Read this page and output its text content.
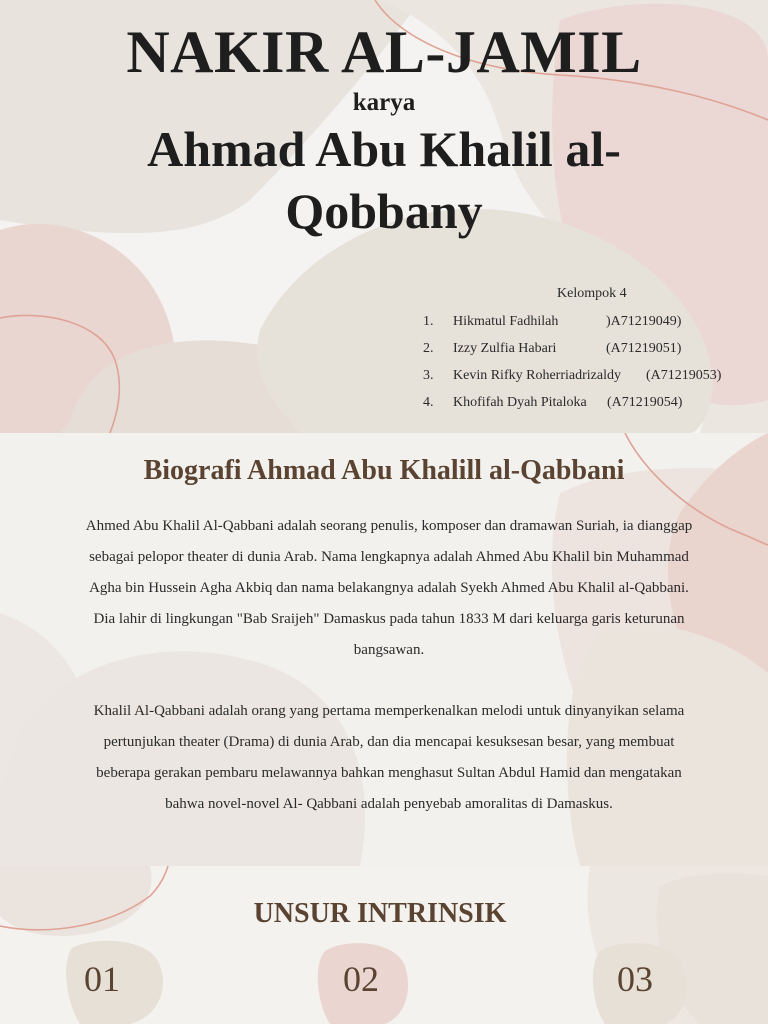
NAKIR AL-JAMIL
karya
Ahmad Abu Khalil al-Qobbany
Kelompok 4
1. Hikmatul Fadhilah	)A71219049)
2. Izzy Zulfia Habari	(A71219051)
3. Kevin Rifky Roherriadrizaldy (A71219053)
4. Khofifah Dyah Pitaloka (A71219054)
Biografi Ahmad Abu Khalill al-Qabbani

Ahmed Abu Khalil Al-Qabbani adalah seorang penulis, komposer dan dramawan Suriah, ia dianggap sebagai pelopor theater di dunia Arab. Nama lengkapnya adalah Ahmed Abu Khalil bin Muhammad Agha bin Hussein Agha Akbiq dan nama belakangnya adalah Syekh Ahmed Abu Khalil al-Qabbani. Dia lahir di lingkungan "Bab Sraijeh" Damaskus pada tahun 1833 M dari keluarga garis keturunan bangsawan.

Khalil Al-Qabbani adalah orang yang pertama memperkenalkan melodi untuk dinyanyikan selama pertunjukan theater (Drama) di dunia Arab, dan dia mencapai kesuksesan besar, yang membuat beberapa gerakan pembaru melawannya bahkan menghasut Sultan Abdul Hamid dan mengatakan bahwa novel-novel Al- Qabbani adalah penyebab amoralitas di Damaskus.

UNSUR INTRINSIK
01	02	03
